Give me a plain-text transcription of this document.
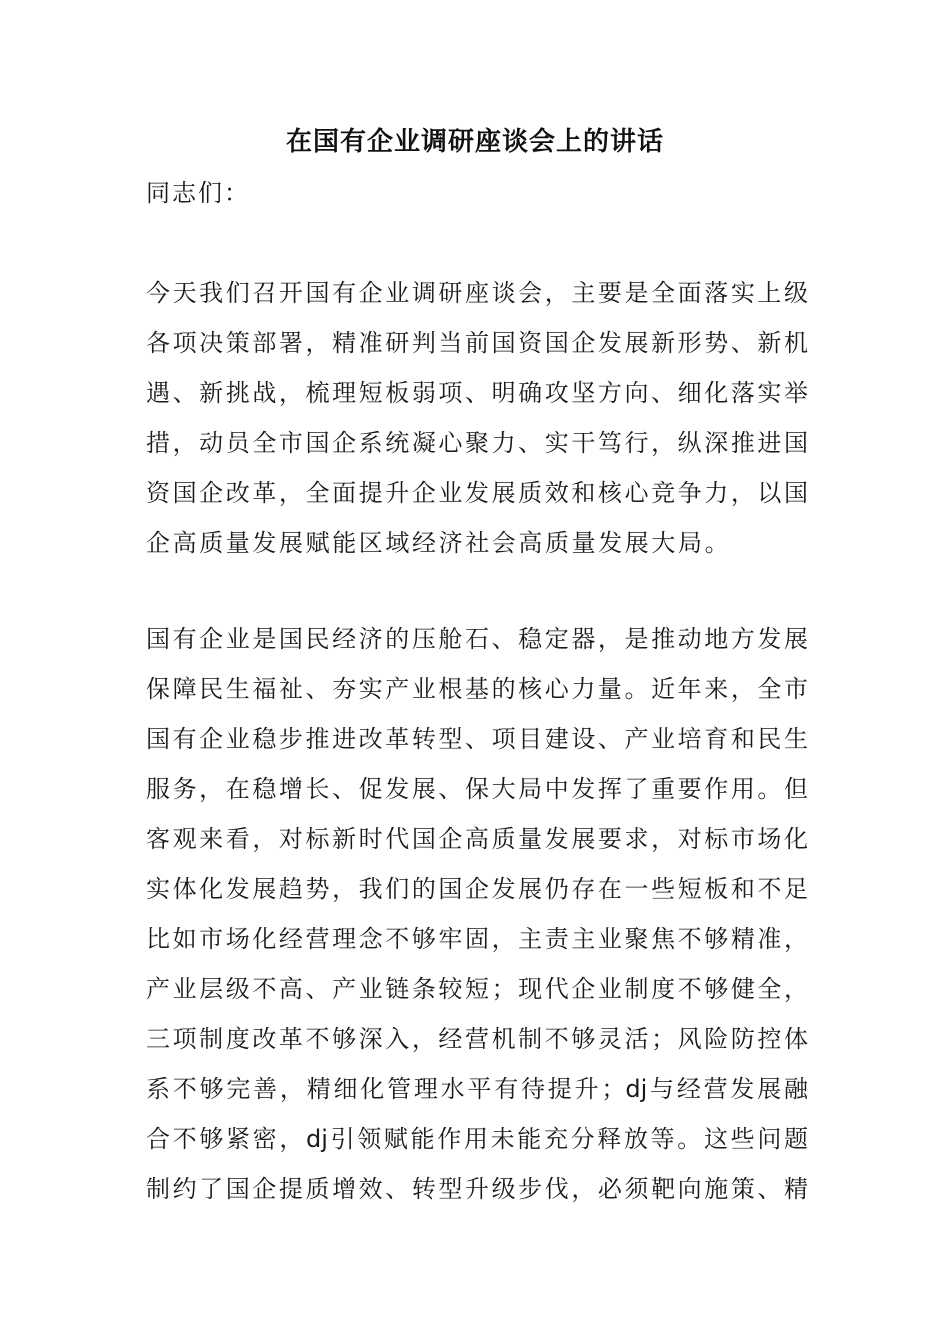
在国有企业调研座谈会上的讲话
同志们：
今天我们召开国有企业调研座谈会，主要是全面落实上级
各项决策部署，精准研判当前国资国企发展新形势、新机
遇、新挑战，梳理短板弱项、明确攻坚方向、细化落实举
措，动员全市国企系统凝心聚力、实干笃行，纵深推进国
资国企改革，全面提升企业发展质效和核心竞争力，以国
企高质量发展赋能区域经济社会高质量发展大局。
国有企业是国民经济的压舱石、稳定器，是推动地方发展
保障民生福祉、夯实产业根基的核心力量。近年来，全市
国有企业稳步推进改革转型、项目建设、产业培育和民生
服务，在稳增长、促发展、保大局中发挥了重要作用。但
客观来看，对标新时代国企高质量发展要求，对标市场化
实体化发展趋势，我们的国企发展仍存在一些短板和不足
比如市场化经营理念不够牢固，主责主业聚焦不够精准，
产业层级不高、产业链条较短；现代企业制度不够健全，
三项制度改革不够深入，经营机制不够灵活；风险防控体
系不够完善，精细化管理水平有待提升；dj与经营发展融
合不够紧密，dj引领赋能作用未能充分释放等。这些问题
制约了国企提质增效、转型升级步伐，必须靶向施策、精
